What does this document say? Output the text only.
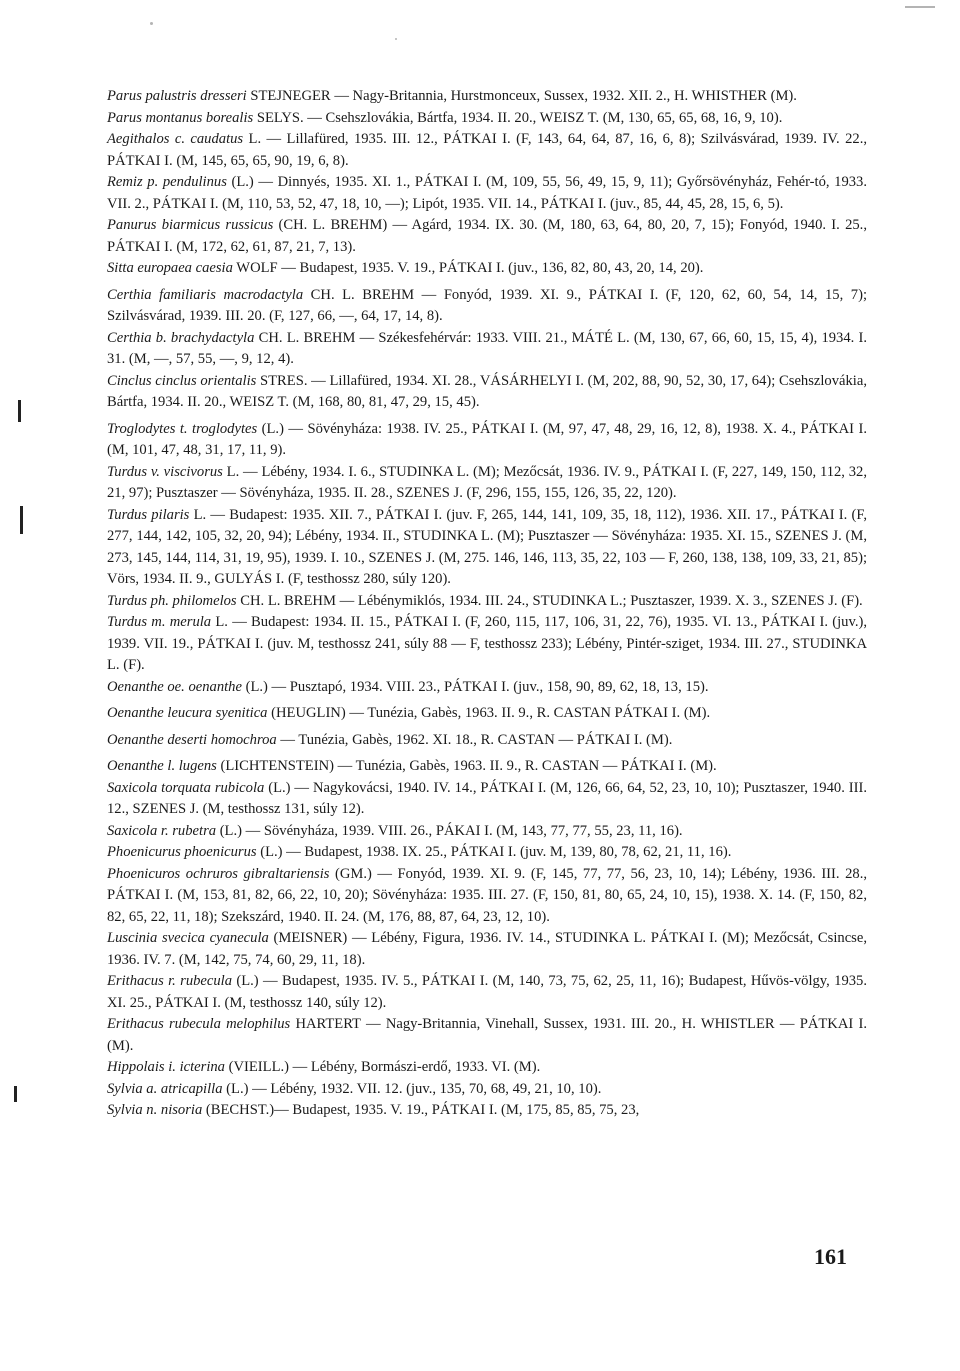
Parus palustris dresseri STEJNEGER — Nagy-Britannia, Hurstmonceux, Sussex, 1932. XII. 2., H. WHISTHER (M).

Parus montanus borealis SELYS. — Csehszlovákia, Bártfa, 1934. II. 20., WEISZ T. (M, 130, 65, 65, 68, 16, 9, 10).

Aegithalos c. caudatus L. — Lillafüred, 1935. III. 12., PÁTKAI I. (F, 143, 64, 64, 87, 16, 6, 8); Szilvásvárad, 1939. IV. 22., PÁTKAI I. (M, 145, 65, 65, 90, 19, 6, 8).

Remiz p. pendulinus (L.) — Dinnyés, 1935. XI. 1., PÁTKAI I. (M, 109, 55, 56, 49, 15, 9, 11); Győrsövényház, Fehér-tó, 1933. VII. 2., PÁTKAI I. (M, 110, 53, 52, 47, 18, 10, —); Lipót, 1935. VII. 14., PÁTKAI I. (juv., 85, 44, 45, 28, 15, 6, 5).

Panurus biarmicus russicus (CH. L. BREHM) — Agárd, 1934. IX. 30. (M, 180, 63, 64, 80, 20, 7, 15); Fonyód, 1940. I. 25., PÁTKAI I. (M, 172, 62, 61, 87, 21, 7, 13).

Sitta europaea caesia WOLF — Budapest, 1935. V. 19., PÁTKAI I. (juv., 136, 82, 80, 43, 20, 14, 20).

Certhia familiaris macrodactyla CH. L. BREHM — Fonyód, 1939. XI. 9., PÁTKAI I. (F, 120, 62, 60, 54, 14, 15, 7); Szilvásvárad, 1939. III. 20. (F, 127, 66, —, 64, 17, 14, 8).

Certhia b. brachydactyla CH. L. BREHM — Székesfehérvár: 1933. VIII. 21., MÁTÉ L. (M, 130, 67, 66, 60, 15, 15, 4), 1934. I. 31. (M, —, 57, 55, —, 9, 12, 4).

Cinclus cinclus orientalis STRES. — Lillafüred, 1934. XI. 28., VÁSÁRHELYI I. (M, 202, 88, 90, 52, 30, 17, 64); Csehszlovákia, Bártfa, 1934. II. 20., WEISZ T. (M, 168, 80, 81, 47, 29, 15, 45).

Troglodytes t. troglodytes (L.) — Sövényháza: 1938. IV. 25., PÁTKAI I. (M, 97, 47, 48, 29, 16, 12, 8), 1938. X. 4., PÁTKAI I. (M, 101, 47, 48, 31, 17, 11, 9).

Turdus v. viscivorus L. — Lébény, 1934. I. 6., STUDINKA L. (M); Mezőcsát, 1936. IV. 9., PÁTKAI I. (F, 227, 149, 150, 112, 32, 21, 97); Pusztaszer — Sövényháza, 1935. II. 28., SZENES J. (F, 296, 155, 155, 126, 35, 22, 120).

Turdus pilaris L. — Budapest: 1935. XII. 7., PÁTKAI I. (juv. F, 265, 144, 141, 109, 35, 18, 112), 1936. XII. 17., PÁTKAI I. (F, 277, 144, 142, 105, 32, 20, 94); Lébény, 1934. II., STUDINKA L. (M); Pusztaszer — Sövényháza: 1935. XI. 15., SZENES J. (M, 273, 145, 144, 114, 31, 19, 95), 1939. I. 10., SZENES J. (M, 275. 146, 146, 113, 35, 22, 103 — F, 260, 138, 138, 109, 33, 21, 85); Vörs, 1934. II. 9., GULYÁS I. (F, testhossz 280, súly 120).

Turdus ph. philomelos CH. L. BREHM — Lébénymiklós, 1934. III. 24., STUDINKA L.; Pusztaszer, 1939. X. 3., SZENES J. (F).

Turdus m. merula L. — Budapest: 1934. II. 15., PÁTKAI I. (F, 260, 115, 117, 106, 31, 22, 76), 1935. VI. 13., PÁTKAI I. (juv.), 1939. VII. 19., PÁTKAI I. (juv. M, testhossz 241, súly 88 — F, testhossz 233); Lébény, Pintér-sziget, 1934. III. 27., STUDINKA L. (F).

Oenanthe oe. oenanthe (L.) — Pusztapó, 1934. VIII. 23., PÁTKAI I. (juv., 158, 90, 89, 62, 18, 13, 15).

Oenanthe leucura syenitica (HEUGLIN) — Tunézia, Gabès, 1963. II. 9., R. CASTAN PÁTKAI I. (M).

Oenanthe deserti homochroa — Tunézia, Gabès, 1962. XI. 18., R. CASTAN — PÁTKAI I. (M).

Oenanthe l. lugens (LICHTENSTEIN) — Tunézia, Gabès, 1963. II. 9., R. CASTAN — PÁTKAI I. (M).

Saxicola torquata rubicola (L.) — Nagykovácsi, 1940. IV. 14., PÁTKAI I. (M, 126, 66, 64, 52, 23, 10, 10); Pusztaszer, 1940. III. 12., SZENES J. (M, testhossz 131, súly 12).

Saxicola r. rubetra (L.) — Sövényháza, 1939. VIII. 26., PÁKAI I. (M, 143, 77, 77, 55, 23, 11, 16).

Phoenicurus phoenicurus (L.) — Budapest, 1938. IX. 25., PÁTKAI I. (juv. M, 139, 80, 78, 62, 21, 11, 16).

Phoenicuros ochruros gibraltariensis (GM.) — Fonyód, 1939. XI. 9. (F, 145, 77, 77, 56, 23, 10, 14); Lébény, 1936. III. 28., PÁTKAI I. (M, 153, 81, 82, 66, 22, 10, 20); Sövényháza: 1935. III. 27. (F, 150, 81, 80, 65, 24, 10, 15), 1938. X. 14. (F, 150, 82, 82, 65, 22, 11, 18); Szekszárd, 1940. II. 24. (M, 176, 88, 87, 64, 23, 12, 10).

Luscinia svecica cyanecula (MEISNER) — Lébény, Figura, 1936. IV. 14., STUDINKA L. PÁTKAI I. (M); Mezőcsát, Csincse, 1936. IV. 7. (M, 142, 75, 74, 60, 29, 11, 18).

Erithacus r. rubecula (L.) — Budapest, 1935. IV. 5., PÁTKAI I. (M, 140, 73, 75, 62, 25, 11, 16); Budapest, Hűvös-völgy, 1935. XI. 25., PÁTKAI I. (M, testhossz 140, súly 12).

Erithacus rubecula melophilus HARTERT — Nagy-Britannia, Vinehall, Sussex, 1931. III. 20., H. WHISTLER — PÁTKAI I. (M).

Hippolais i. icterina (VIEILL.) — Lébény, Bormászi-erdő, 1933. VI. (M).

Sylvia a. atricapilla (L.) — Lébény, 1932. VII. 12. (juv., 135, 70, 68, 49, 21, 10, 10).

Sylvia n. nisoria (BECHST.)— Budapest, 1935. V. 19., PÁTKAI I. (M, 175, 85, 85, 75, 23,

161
